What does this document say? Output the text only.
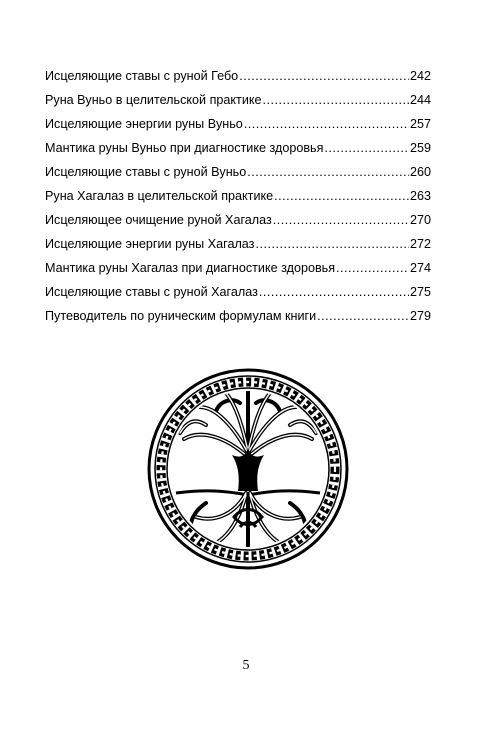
Исцеляющие ставы с руной Гебо .....	242
Руна Вуньо в целительской практике .....	244
Исцеляющие энергии руны Вуньо .....	257
Мантика руны Вуньо при диагностике здоровья .....	259
Исцеляющие ставы с руной Вуньо .....	260
Руна Хагалаз в целительской практике .....	263
Исцеляющее очищение руной Хагалаз .....	270
Исцеляющие энергии руны Хагалаз .....	272
Мантика руны Хагалаз при диагностике здоровья .....	274
Исцеляющие ставы с руной Хагалаз .....	275
Путеводитель по руническим формулам книги .....	279
5
